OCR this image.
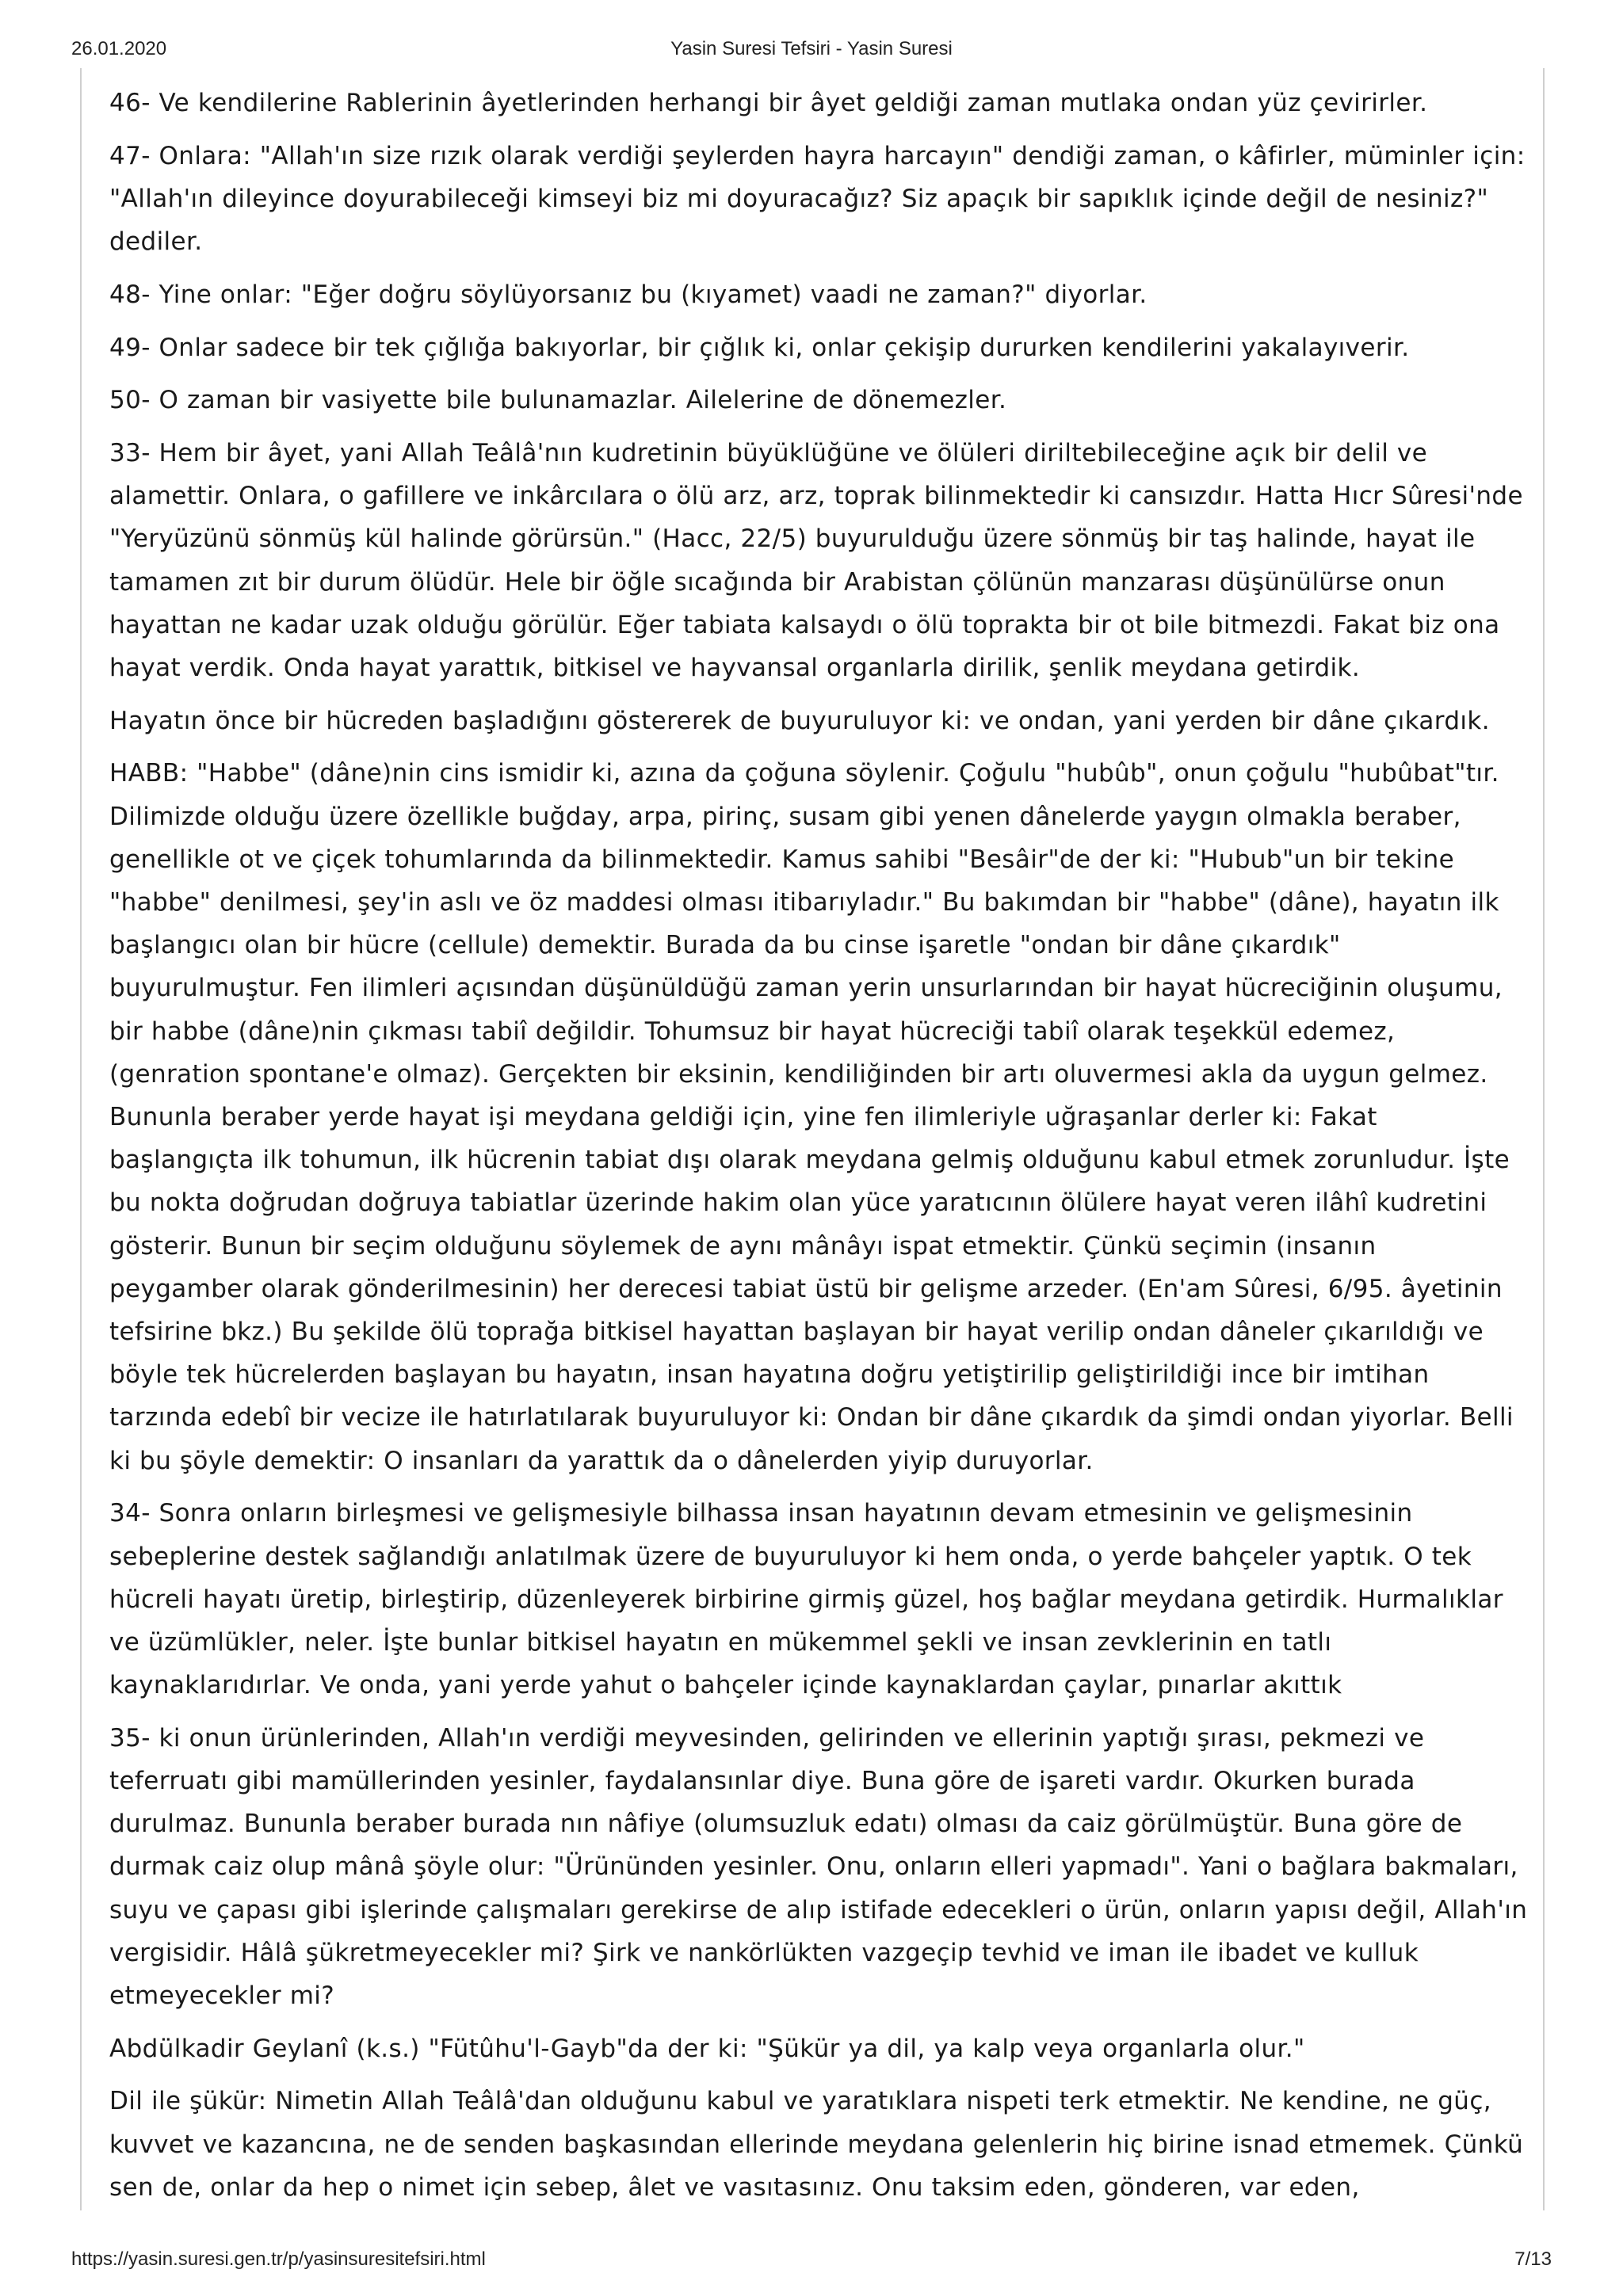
26.01.2020	Yasin Suresi Tefsiri - Yasin Suresi

46- Ve kendilerine Rablerinin âyetlerinden herhangi bir âyet geldiği zaman mutlaka ondan yüz çevirirler.

47- Onlara: "Allah'ın size rızık olarak verdiği şeylerden hayra harcayın" dendiği zaman, o kâfirler, müminler için: "Allah'ın dileyince doyurabileceği kimseyi biz mi doyuracağız? Siz apaçık bir sapıklık içinde değil de nesiniz?" dediler.

48- Yine onlar: "Eğer doğru söylüyorsanız bu (kıyamet) vaadi ne zaman?" diyorlar.

49- Onlar sadece bir tek çığlığa bakıyorlar, bir çığlık ki, onlar çekişip dururken kendilerini yakalayıverir.

50- O zaman bir vasiyette bile bulunamazlar. Ailelerine de dönemezler.

33- Hem bir âyet, yani Allah Teâlâ'nın kudretinin büyüklüğüne ve ölüleri diriltebileceğine açık bir delil ve alamettir. Onlara, o gafillere ve inkârcılara o ölü arz, arz, toprak bilinmektedir ki cansızdır. Hatta Hıcr Sûresi'nde "Yeryüzünü sönmüş kül halinde görürsün." (Hacc, 22/5) buyurulduğu üzere sönmüş bir taş halinde, hayat ile tamamen zıt bir durum ölüdür. Hele bir öğle sıcağında bir Arabistan çölünün manzarası düşünülürse onun hayattan ne kadar uzak olduğu görülür. Eğer tabiata kalsaydı o ölü toprakta bir ot bile bitmezdi. Fakat biz ona hayat verdik. Onda hayat yarattık, bitkisel ve hayvansal organlarla dirilik, şenlik meydana getirdik.

Hayatın önce bir hücreden başladığını göstererek de buyuruluyor ki: ve ondan, yani yerden bir dâne çıkardık.

HABB: "Habbe" (dâne)nin cins ismidir ki, azına da çoğuna söylenir. Çoğulu "hubûb", onun çoğulu "hubûbat"tır. Dilimizde olduğu üzere özellikle buğday, arpa, pirinç, susam gibi yenen dânelerde yaygın olmakla beraber, genellikle ot ve çiçek tohumlarında da bilinmektedir. Kamus sahibi "Besâir"de der ki: "Hubub"un bir tekine "habbe" denilmesi, şey'in aslı ve öz maddesi olması itibarıyladır." Bu bakımdan bir "habbe" (dâne), hayatın ilk başlangıcı olan bir hücre (cellule) demektir. Burada da bu cinse işaretle "ondan bir dâne çıkardık" buyurulmuştur. Fen ilimleri açısından düşünüldüğü zaman yerin unsurlarından bir hayat hücreciğinin oluşumu, bir habbe (dâne)nin çıkması tabiî değildir. Tohumsuz bir hayat hücreciği tabiî olarak teşekkül edemez, (genration spontane'e olmaz). Gerçekten bir eksinin, kendiliğinden bir artı oluvermesi akla da uygun gelmez. Bununla beraber yerde hayat işi meydana geldiği için, yine fen ilimleriyle uğraşanlar derler ki: Fakat başlangıçta ilk tohumun, ilk hücrenin tabiat dışı olarak meydana gelmiş olduğunu kabul etmek zorunludur. İşte bu nokta doğrudan doğruya tabiatlar üzerinde hakim olan yüce yaratıcının ölülere hayat veren ilâhî kudretini gösterir. Bunun bir seçim olduğunu söylemek de aynı mânâyı ispat etmektir. Çünkü seçimin (insanın peygamber olarak gönderilmesinin) her derecesi tabiat üstü bir gelişme arzeder. (En'am Sûresi, 6/95. âyetinin tefsirine bkz.) Bu şekilde ölü toprağa bitkisel hayattan başlayan bir hayat verilip ondan dâneler çıkarıldığı ve böyle tek hücrelerden başlayan bu hayatın, insan hayatına doğru yetiştirilip geliştirildiği ince bir imtihan tarzında edebî bir vecize ile hatırlatılarak buyuruluyor ki: Ondan bir dâne çıkardık da şimdi ondan yiyorlar. Belli ki bu şöyle demektir: O insanları da yarattık da o dânelerden yiyip duruyorlar.

34- Sonra onların birleşmesi ve gelişmesiyle bilhassa insan hayatının devam etmesinin ve gelişmesinin sebeplerine destek sağlandığı anlatılmak üzere de buyuruluyor ki hem onda, o yerde bahçeler yaptık. O tek hücreli hayatı üretip, birleştirip, düzenleyerek birbirine girmiş güzel, hoş bağlar meydana getirdik. Hurmalıklar ve üzümlükler, neler. İşte bunlar bitkisel hayatın en mükemmel şekli ve insan zevklerinin en tatlı kaynaklarıdırlar. Ve onda, yani yerde yahut o bahçeler içinde kaynaklardan çaylar, pınarlar akıttık

35- ki onun ürünlerinden, Allah'ın verdiği meyvesinden, gelirinden ve ellerinin yaptığı şırası, pekmezi ve teferruatı gibi mamüllerinden yesinler, faydalansınlar diye. Buna göre de işareti vardır. Okurken burada durulmaz. Bununla beraber burada nın nâfiye (olumsuzluk edatı) olması da caiz görülmüştür. Buna göre de durmak caiz olup mânâ şöyle olur: "Ürününden yesinler. Onu, onların elleri yapmadı". Yani o bağlara bakmaları, suyu ve çapası gibi işlerinde çalışmaları gerekirse de alıp istifade edecekleri o ürün, onların yapısı değil, Allah'ın vergisidir. Hâlâ şükretmeyecekler mi? Şirk ve nankörlükten vazgeçip tevhid ve iman ile ibadet ve kulluk etmeyecekler mi?

Abdülkadir Geylanî (k.s.) "Fütûhu'l-Gayb"da der ki: "Şükür ya dil, ya kalp veya organlarla olur."

Dil ile şükür: Nimetin Allah Teâlâ'dan olduğunu kabul ve yaratıklara nispeti terk etmektir. Ne kendine, ne güç, kuvvet ve kazancına, ne de senden başkasından ellerinde meydana gelenlerin hiç birine isnad etmemek. Çünkü sen de, onlar da hep o nimet için sebep, âlet ve vasıtasınız. Onu taksim eden, gönderen, var eden,

https://yasin.suresi.gen.tr/p/yasinsuresitefsiri.html	7/13
